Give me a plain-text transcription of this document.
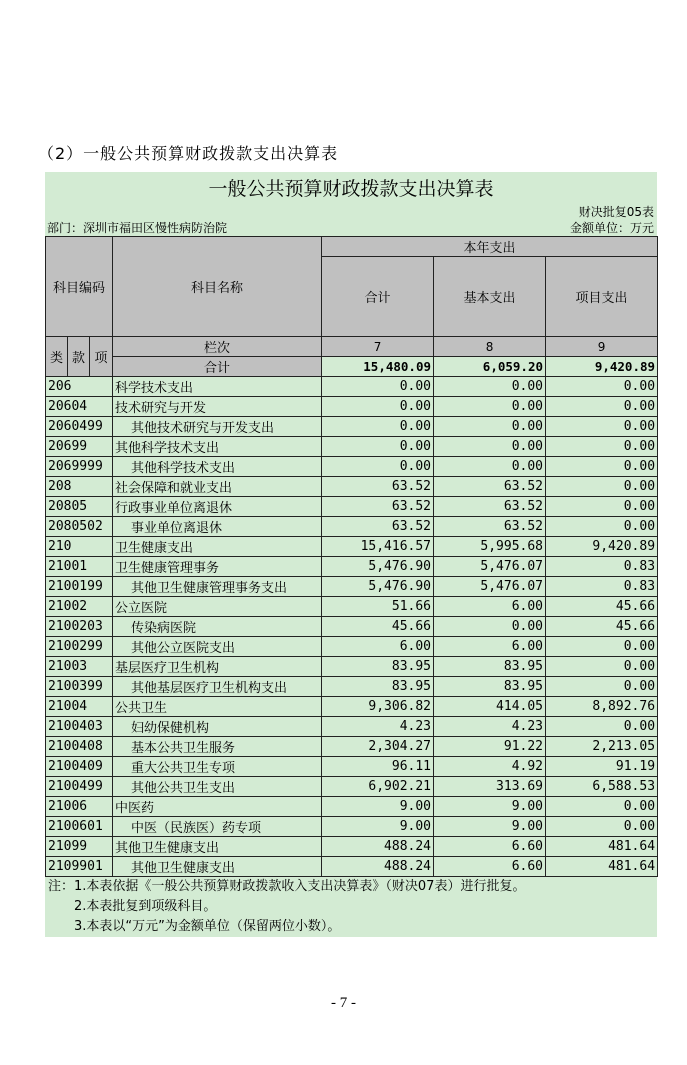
（2）一般公共预算财政拨款支出决算表
一般公共预算财政拨款支出决算表
财决批复05表
部门：深圳市福田区慢性病防治院	金额单位：万元
科目编码			科目名称	本年支出		
				合计	基本支出	项目支出
类	款	项	栏次	7	8	9
			合计	15,480.09	6,059.20	9,420.89
206			科学技术支出	0.00	0.00	0.00
20604			技术研究与开发	0.00	0.00	0.00
2060499			其他技术研究与开发支出	0.00	0.00	0.00
20699			其他科学技术支出	0.00	0.00	0.00
2069999			其他科学技术支出	0.00	0.00	0.00
208			社会保障和就业支出	63.52	63.52	0.00
20805			行政事业单位离退休	63.52	63.52	0.00
2080502			事业单位离退休	63.52	63.52	0.00
210			卫生健康支出	15,416.57	5,995.68	9,420.89
21001			卫生健康管理事务	5,476.90	5,476.07	0.83
2100199			其他卫生健康管理事务支出	5,476.90	5,476.07	0.83
21002			公立医院	51.66	6.00	45.66
2100203			传染病医院	45.66	0.00	45.66
2100299			其他公立医院支出	6.00	6.00	0.00
21003			基层医疗卫生机构	83.95	83.95	0.00
2100399			其他基层医疗卫生机构支出	83.95	83.95	0.00
21004			公共卫生	9,306.82	414.05	8,892.76
2100403			妇幼保健机构	4.23	4.23	0.00
2100408			基本公共卫生服务	2,304.27	91.22	2,213.05
2100409			重大公共卫生专项	96.11	4.92	91.19
2100499			其他公共卫生支出	6,902.21	313.69	6,588.53
21006			中医药	9.00	9.00	0.00
2100601			中医（民族医）药专项	9.00	9.00	0.00
21099			其他卫生健康支出	488.24	6.60	481.64
2109901			其他卫生健康支出	488.24	6.60	481.64
注：1.本表依据《一般公共预算财政拨款收入支出决算表》（财决07表）进行批复。
　　2.本表批复到项级科目。
　　3.本表以“万元”为金额单位（保留两位小数）。
- 7 -
